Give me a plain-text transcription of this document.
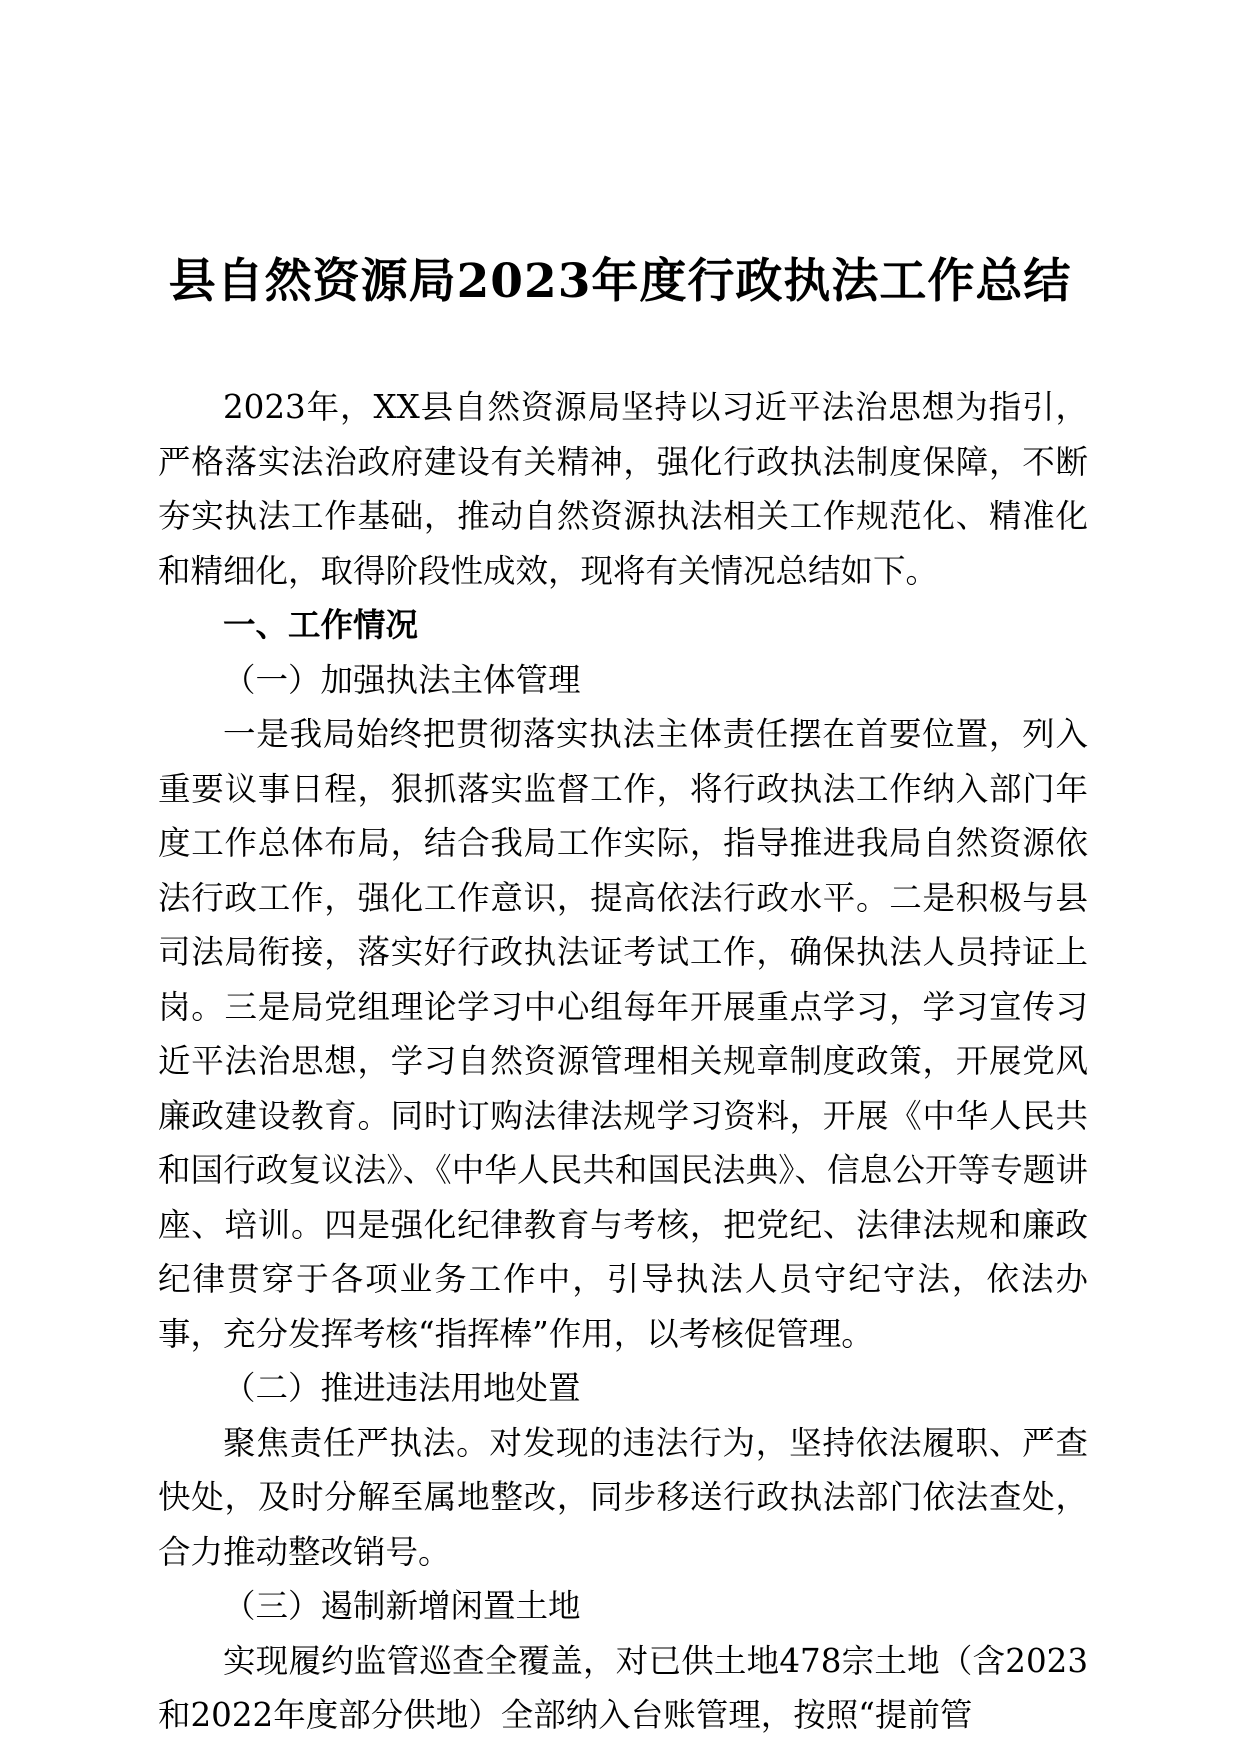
县自然资源局2023年度行政执法工作总结

2023年，XX县自然资源局坚持以习近平法治思想为指引，严格落实法治政府建设有关精神，强化行政执法制度保障，不断夯实执法工作基础，推动自然资源执法相关工作规范化、精准化和精细化，取得阶段性成效，现将有关情况总结如下。

一、工作情况

（一）加强执法主体管理

一是我局始终把贯彻落实执法主体责任摆在首要位置，列入重要议事日程，狠抓落实监督工作，将行政执法工作纳入部门年度工作总体布局，结合我局工作实际，指导推进我局自然资源依法行政工作，强化工作意识，提高依法行政水平。二是积极与县司法局衔接，落实好行政执法证考试工作，确保执法人员持证上岗。三是局党组理论学习中心组每年开展重点学习，学习宣传习近平法治思想，学习自然资源管理相关规章制度政策，开展党风廉政建设教育。同时订购法律法规学习资料，开展《中华人民共和国行政复议法》、《中华人民共和国民法典》、信息公开等专题讲座、培训。四是强化纪律教育与考核，把党纪、法律法规和廉政纪律贯穿于各项业务工作中，引导执法人员守纪守法，依法办事，充分发挥考核“指挥棒”作用，以考核促管理。

（二）推进违法用地处置

聚焦责任严执法。对发现的违法行为，坚持依法履职、严查快处，及时分解至属地整改，同步移送行政执法部门依法查处，合力推动整改销号。

（三）遏制新增闲置土地

实现履约监管巡查全覆盖，对已供土地478宗土地（含2023和2022年度部分供地）全部纳入台账管理，按照“提前管
